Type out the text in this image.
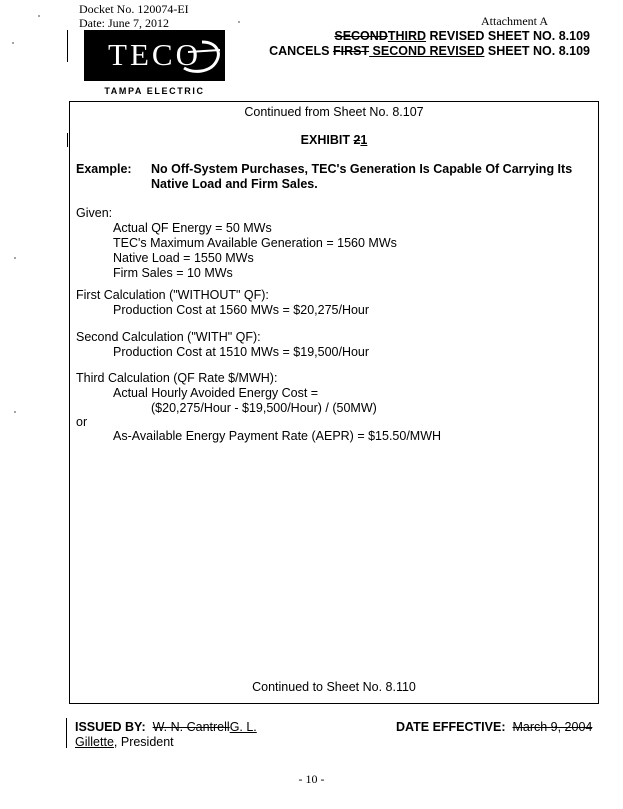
Docket No. 120074-EI
Date: June 7, 2012	Attachment A
SECONDTHIRD REVISED SHEET NO. 8.109
CANCELS FIRST SECOND REVISED SHEET NO. 8.109
TECO
TAMPA ELECTRIC
Continued from Sheet No. 8.107
EXHIBIT 21
Example: No Off-System Purchases, TEC's Generation Is Capable Of Carrying Its
Native Load and Firm Sales.
Given:
Actual QF Energy = 50 MWs
TEC's Maximum Available Generation = 1560 MWs
Native Load = 1550 MWs
Firm Sales = 10 MWs
First Calculation ("WITHOUT" QF):
Production Cost at 1560 MWs = $20,275/Hour
Second Calculation ("WITH" QF):
Production Cost at 1510 MWs = $19,500/Hour
Third Calculation (QF Rate $/MWH):
Actual Hourly Avoided Energy Cost =
($20,275/Hour - $19,500/Hour) / (50MW)
or
As-Available Energy Payment Rate (AEPR) = $15.50/MWH
Continued to Sheet No. 8.110
ISSUED BY: W. N. CantrellG. L.
Gillette, President
DATE EFFECTIVE: March 9, 2004
- 10 -
